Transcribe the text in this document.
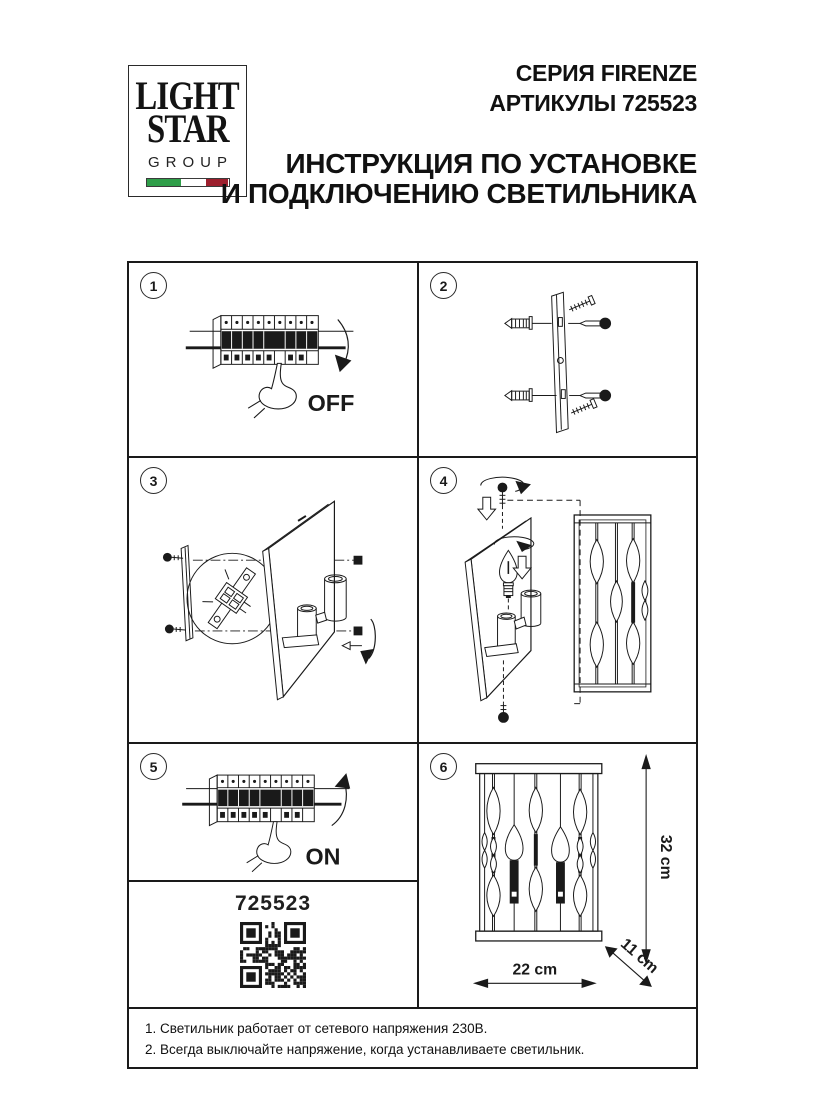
LIGHT
STAR
GROUP
СЕРИЯ FIRENZE
АРТИКУЛЫ 725523
ИНСТРУКЦИЯ ПО УСТАНОВКЕ
И ПОДКЛЮЧЕНИЮ СВЕТИЛЬНИКА
1
OFF
2
3	4
5
ON
725523
6
32 cm
22 cm	11 cm
1. Светильник работает от сетевого напряжения 230В.
2. Всегда выключайте напряжение, когда устанавливаете светильник.
